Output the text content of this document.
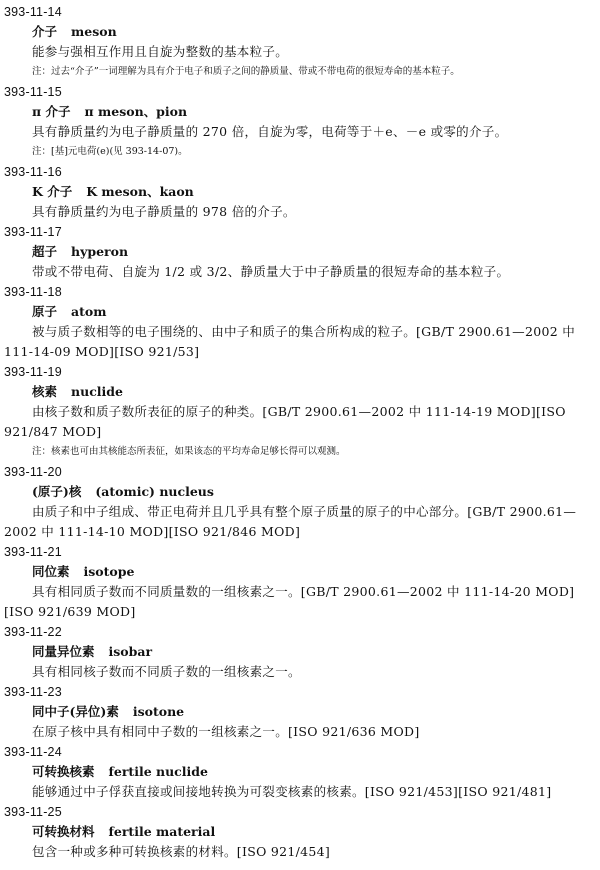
393-11-14
介子 meson
能参与强相互作用且自旋为整数的基本粒子。
注：过去“介子”一词理解为具有介于电子和质子之间的静质量、带或不带电荷的很短寿命的基本粒子。
393-11-15
π 介子 π meson、pion
具有静质量约为电子静质量的 270 倍，自旋为零，电荷等于＋e、－e 或零的介子。
注：[基]元电荷(e)(见 393-14-07)。
393-11-16
K 介子 K meson、kaon
具有静质量约为电子静质量的 978 倍的介子。
393-11-17
超子 hyperon
带或不带电荷、自旋为 1/2 或 3/2、静质量大于中子静质量的很短寿命的基本粒子。
393-11-18
原子 atom
被与质子数相等的电子围绕的、由中子和质子的集合所构成的粒子。[GB/T 2900.61—2002 中 111-14-09 MOD][ISO 921/53]
393-11-19
核素 nuclide
由核子数和质子数所表征的原子的种类。[GB/T 2900.61—2002 中 111-14-19 MOD][ISO 921/847 MOD]
注：核素也可由其核能态所表征，如果该态的平均寿命足够长得可以观测。
393-11-20
(原子)核 (atomic) nucleus
由质子和中子组成、带正电荷并且几乎具有整个原子质量的原子的中心部分。[GB/T 2900.61—2002 中 111-14-10 MOD][ISO 921/846 MOD]
393-11-21
同位素 isotope
具有相同质子数而不同质量数的一组核素之一。[GB/T 2900.61—2002 中 111-14-20 MOD][ISO 921/639 MOD]
393-11-22
同量异位素 isobar
具有相同核子数而不同质子数的一组核素之一。
393-11-23
同中子(异位)素 isotone
在原子核中具有相同中子数的一组核素之一。[ISO 921/636 MOD]
393-11-24
可转换核素 fertile nuclide
能够通过中子俘获直接或间接地转换为可裂变核素的核素。[ISO 921/453][ISO 921/481]
393-11-25
可转换材料 fertile material
包含一种或多种可转换核素的材料。[ISO 921/454]
